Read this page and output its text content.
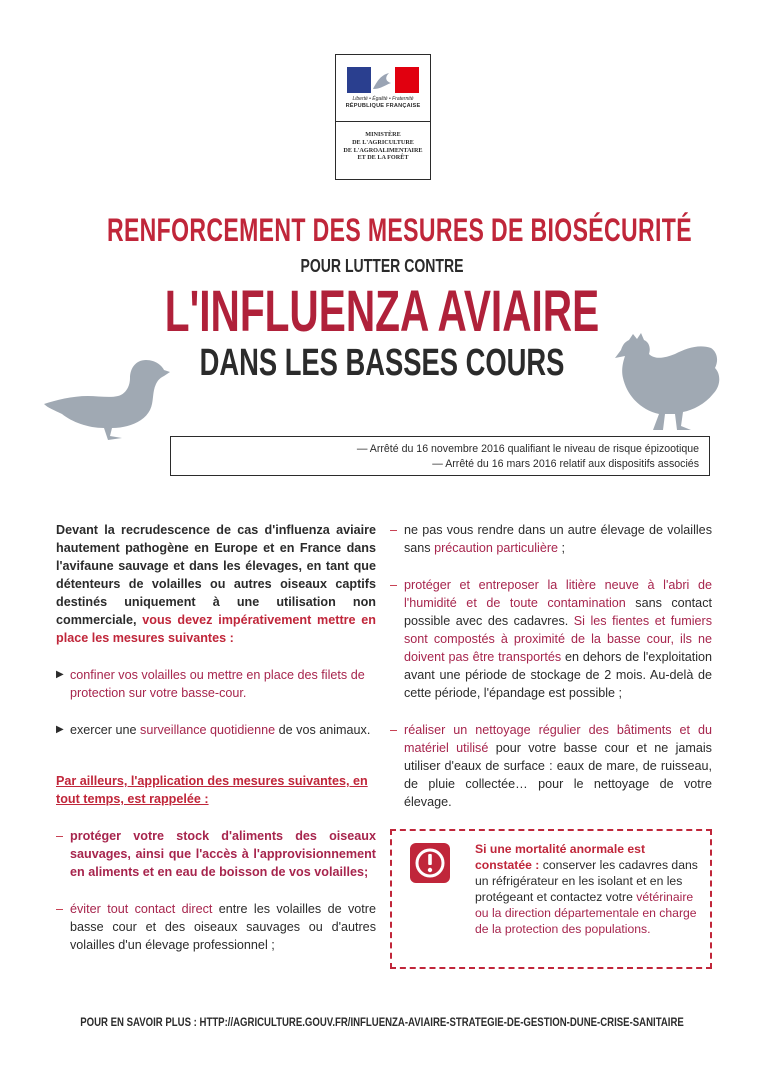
Liberté • Égalité • Fraternité
RÉPUBLIQUE FRANÇAISE
MINISTÈRE
DE L'AGRICULTURE
DE L'AGROALIMENTAIRE
ET DE LA FORÊT
RENFORCEMENT DES MESURES DE BIOSÉCURITÉ
POUR LUTTER CONTRE
L'INFLUENZA AVIAIRE
DANS LES BASSES COURS
— Arrêté du 16 novembre 2016 qualifiant le niveau de risque épizootique
— Arrêté du 16 mars 2016 relatif aux dispositifs associés

Devant la recrudescence de cas d'influenza aviaire hautement pathogène en Europe et en France dans l'avifaune sauvage et dans les élevages, en tant que détenteurs de volailles ou autres oiseaux captifs destinés uniquement à une utilisation non commerciale, vous devez impérativement mettre en place les mesures suivantes :

▶ confiner vos volailles ou mettre en place des filets de protection sur votre basse-cour.
▶ exercer une surveillance quotidienne de vos animaux.

Par ailleurs, l'application des mesures suivantes, en tout temps, est rappelée :

– protéger votre stock d'aliments des oiseaux sauvages, ainsi que l'accès à l'approvisionnement en aliments et en eau de boisson de vos volailles;
– éviter tout contact direct entre les volailles de votre basse cour et des oiseaux sauvages ou d'autres volailles d'un élevage professionnel ;
– ne pas vous rendre dans un autre élevage de volailles sans précaution particulière ;
– protéger et entreposer la litière neuve à l'abri de l'humidité et de toute contamination sans contact possible avec des cadavres. Si les fientes et fumiers sont compostés à proximité de la basse cour, ils ne doivent pas être transportés en dehors de l'exploitation avant une période de stockage de 2 mois. Au-delà de cette période, l'épandage est possible ;
– réaliser un nettoyage régulier des bâtiments et du matériel utilisé pour votre basse cour et ne jamais utiliser d'eaux de surface : eaux de mare, de ruisseau, de pluie collectée… pour le nettoyage de votre élevage.
Si une mortalité anormale est constatée : conserver les cadavres dans un réfrigérateur en les isolant et en les protégeant et contactez votre vétérinaire ou la direction départementale en charge de la protection des populations.
POUR EN SAVOIR PLUS : HTTP://AGRICULTURE.GOUV.FR/INFLUENZA-AVIAIRE-STRATEGIE-DE-GESTION-DUNE-CRISE-SANITAIRE
